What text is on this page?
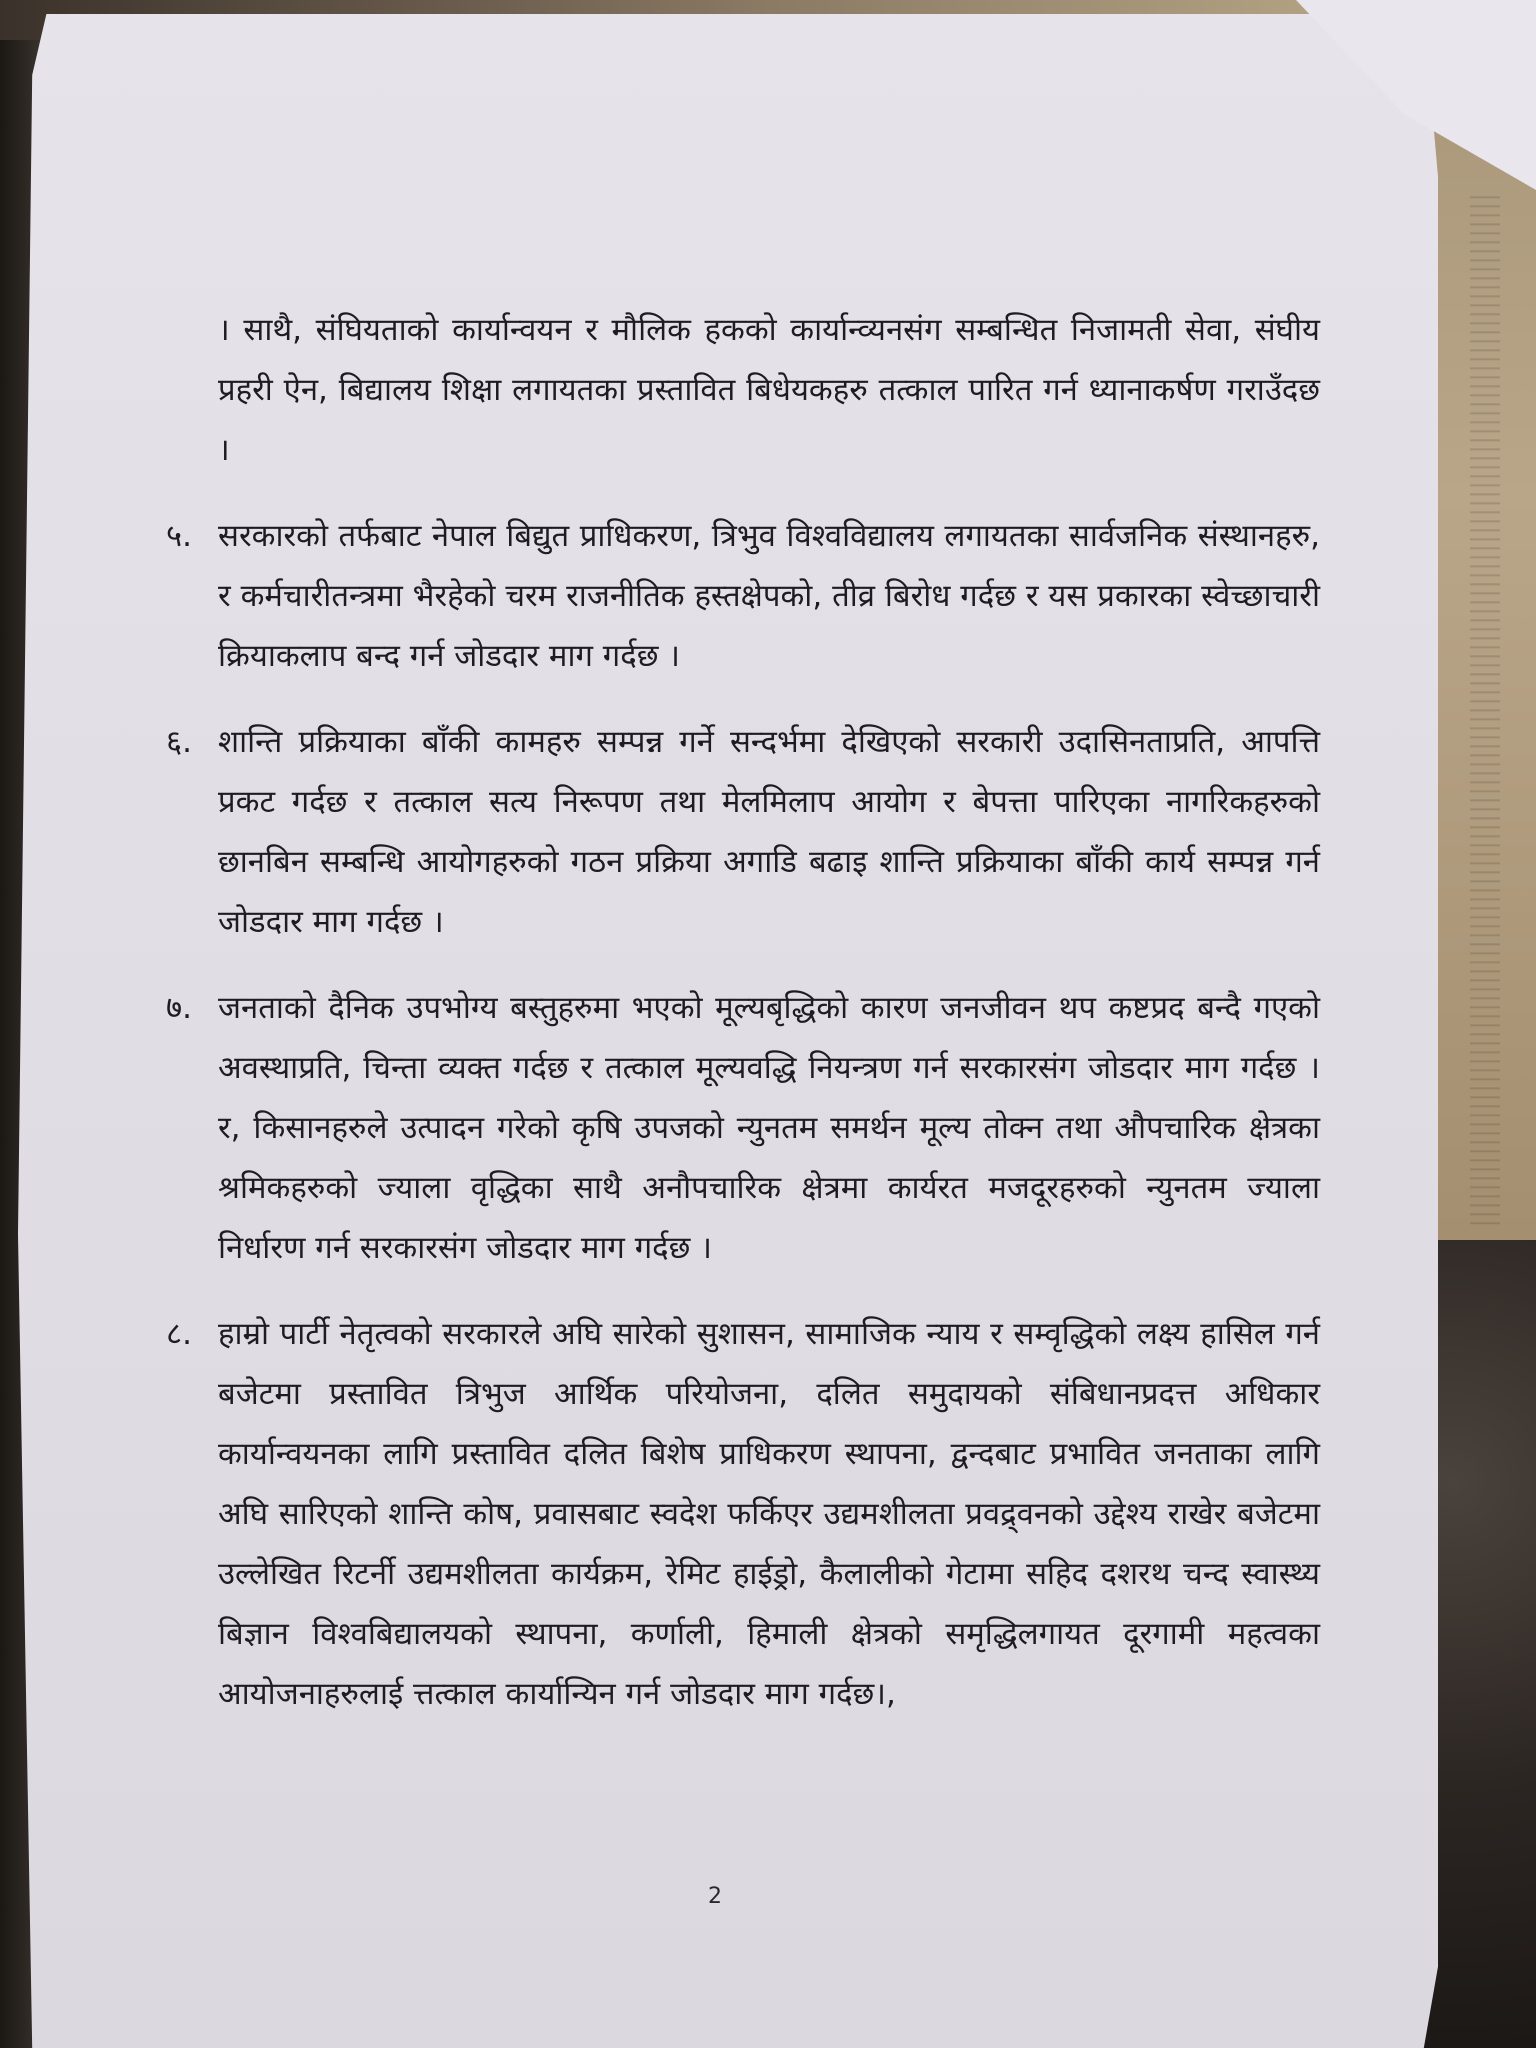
। साथै, संघियताको कार्यान्वयन र मौलिक हकको कार्यान्व्यनसंग सम्बन्धित निजामती सेवा, संघीय प्रहरी ऐन, बिद्यालय शिक्षा लगायतका प्रस्तावित बिधेयकहरु तत्काल पारित गर्न ध्यानाकर्षण गराउँदछ ।
५. सरकारको तर्फबाट नेपाल बिद्युत प्राधिकरण, त्रिभुव विश्वविद्यालय लगायतका सार्वजनिक संस्थानहरु, र कर्मचारीतन्त्रमा भैरहेको चरम राजनीतिक हस्तक्षेपको, तीव्र बिरोध गर्दछ र यस प्रकारका स्वेच्छाचारी क्रियाकलाप बन्द गर्न जोडदार माग गर्दछ ।
६. शान्ति प्रक्रियाका बाँकी कामहरु सम्पन्न गर्ने सन्दर्भमा देखिएको सरकारी उदासिनताप्रति, आपत्ति प्रकट गर्दछ र तत्काल सत्य निरूपण तथा मेलमिलाप आयोग र बेपत्ता पारिएका नागरिकहरुको छानबिन सम्बन्धि आयोगहरुको गठन प्रक्रिया अगाडि बढाइ शान्ति प्रक्रियाका बाँकी कार्य सम्पन्न गर्न जोडदार माग गर्दछ ।
७. जनताको दैनिक उपभोग्य बस्तुहरुमा भएको मूल्यबृद्धिको कारण जनजीवन थप कष्टप्रद बन्दै गएको अवस्थाप्रति, चिन्ता व्यक्त गर्दछ र तत्काल मूल्यवद्धि नियन्त्रण गर्न सरकारसंग जोडदार माग गर्दछ । र, किसानहरुले उत्पादन गरेको कृषि उपजको न्युनतम समर्थन मूल्य तोक्न तथा औपचारिक क्षेत्रका श्रमिकहरुको ज्याला वृद्धिका साथै अनौपचारिक क्षेत्रमा कार्यरत मजदूरहरुको न्युनतम ज्याला निर्धारण गर्न सरकारसंग जोडदार माग गर्दछ ।
८. हाम्रो पार्टी नेतृत्वको सरकारले अघि सारेको सुशासन, सामाजिक न्याय र सम्वृद्धिको लक्ष्य हासिल गर्न बजेटमा प्रस्तावित त्रिभुज आर्थिक परियोजना, दलित समुदायको संबिधानप्रदत्त अधिकार कार्यान्वयनका लागि प्रस्तावित दलित बिशेष प्राधिकरण स्थापना, द्वन्दबाट प्रभावित जनताका लागि अघि सारिएको शान्ति कोष, प्रवासबाट स्वदेश फर्किएर उद्यमशीलता प्रवद्र्वनको उद्देश्य राखेर बजेटमा उल्लेखित रिटर्नी उद्यमशीलता कार्यक्रम, रेमिट हाईड्रो, कैलालीको गेटामा सहिद दशरथ चन्द स्वास्थ्य बिज्ञान विश्वबिद्यालयको स्थापना, कर्णाली, हिमाली क्षेत्रको समृद्धिलगायत दूरगामी महत्वका आयोजनाहरुलाई त्तत्काल कार्यान्यिन गर्न जोडदार माग गर्दछ।,
2
